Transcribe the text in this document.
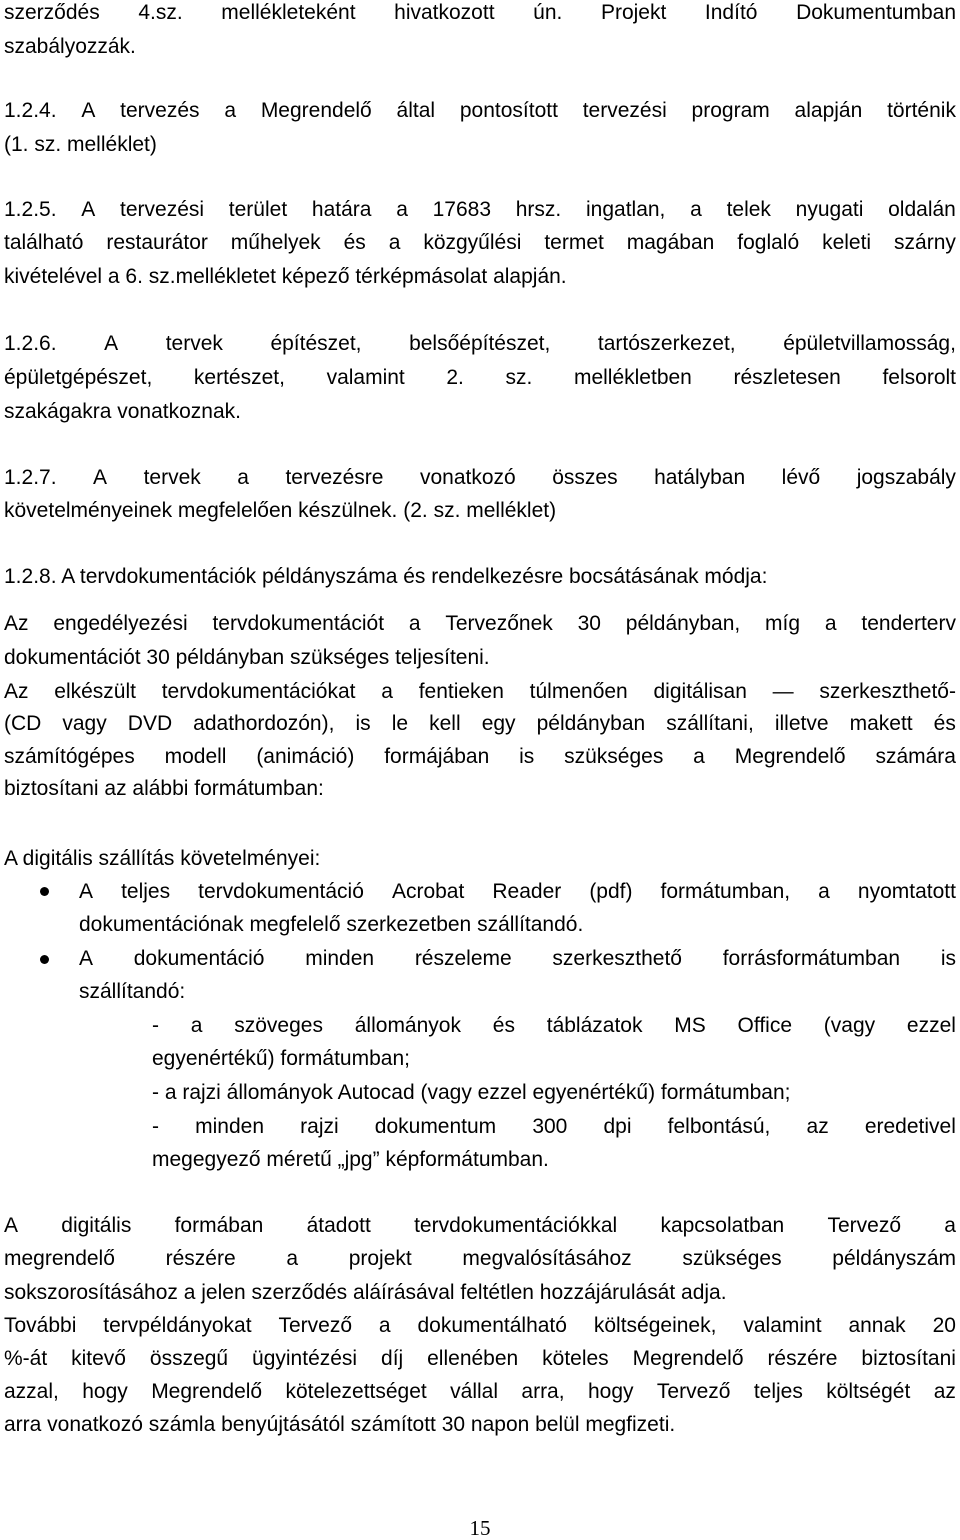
szerződés 4.sz. mellékleteként hivatkozott ún. Projekt Indító Dokumentumban
szabályozzák.
1.2.4. A tervezés a Megrendelő által pontosított tervezési program alapján történik
(1. sz. melléklet)
1.2.5. A tervezési terület határa a 17683 hrsz. ingatlan, a telek nyugati oldalán
található restaurátor műhelyek és a közgyűlési termet magában foglaló keleti szárny
kivételével a 6. sz.mellékletet képező térképmásolat alapján.
1.2.6. A tervek építészet, belsőépítészet, tartószerkezet, épületvillamosság,
épületgépészet, kertészet, valamint 2. sz. mellékletben részletesen felsorolt
szakágakra vonatkoznak.
1.2.7. A tervek a tervezésre vonatkozó összes hatályban lévő jogszabály
követelményeinek megfelelően készülnek. (2. sz. melléklet)
1.2.8. A tervdokumentációk példányszáma és rendelkezésre bocsátásának módja:
Az engedélyezési tervdokumentációt a Tervezőnek 30 példányban, míg a tenderterv
dokumentációt 30 példányban szükséges teljesíteni.
Az elkészült tervdokumentációkat a fentieken túlmenően digitálisan — szerkeszthető-
(CD vagy DVD adathordozón), is le kell egy példányban szállítani, illetve makett és
számítógépes modell (animáció) formájában is szükséges a Megrendelő számára
biztosítani az alábbi formátumban:
A digitális szállítás követelményei:
A teljes tervdokumentáció Acrobat Reader (pdf) formátumban, a nyomtatott
dokumentációnak megfelelő szerkezetben szállítandó.
A dokumentáció minden részeleme szerkeszthető forrásformátumban is
szállítandó:
- a szöveges állományok és táblázatok MS Office (vagy ezzel
egyenértékű) formátumban;
- a rajzi állományok Autocad (vagy ezzel egyenértékű) formátumban;
- minden rajzi dokumentum 300 dpi felbontású, az eredetivel
megegyező méretű „jpg” képformátumban.
A digitális formában átadott tervdokumentációkkal kapcsolatban Tervező a
megrendelő részére a projekt megvalósításához szükséges példányszám
sokszorosításához a jelen szerződés aláírásával feltétlen hozzájárulását adja.
További tervpéldányokat Tervező a dokumentálható költségeinek, valamint annak 20
%-át kitevő összegű ügyintézési díj ellenében köteles Megrendelő részére biztosítani
azzal, hogy Megrendelő kötelezettséget vállal arra, hogy Tervező teljes költségét az
arra vonatkozó számla benyújtásától számított 30 napon belül megfizeti.
15
